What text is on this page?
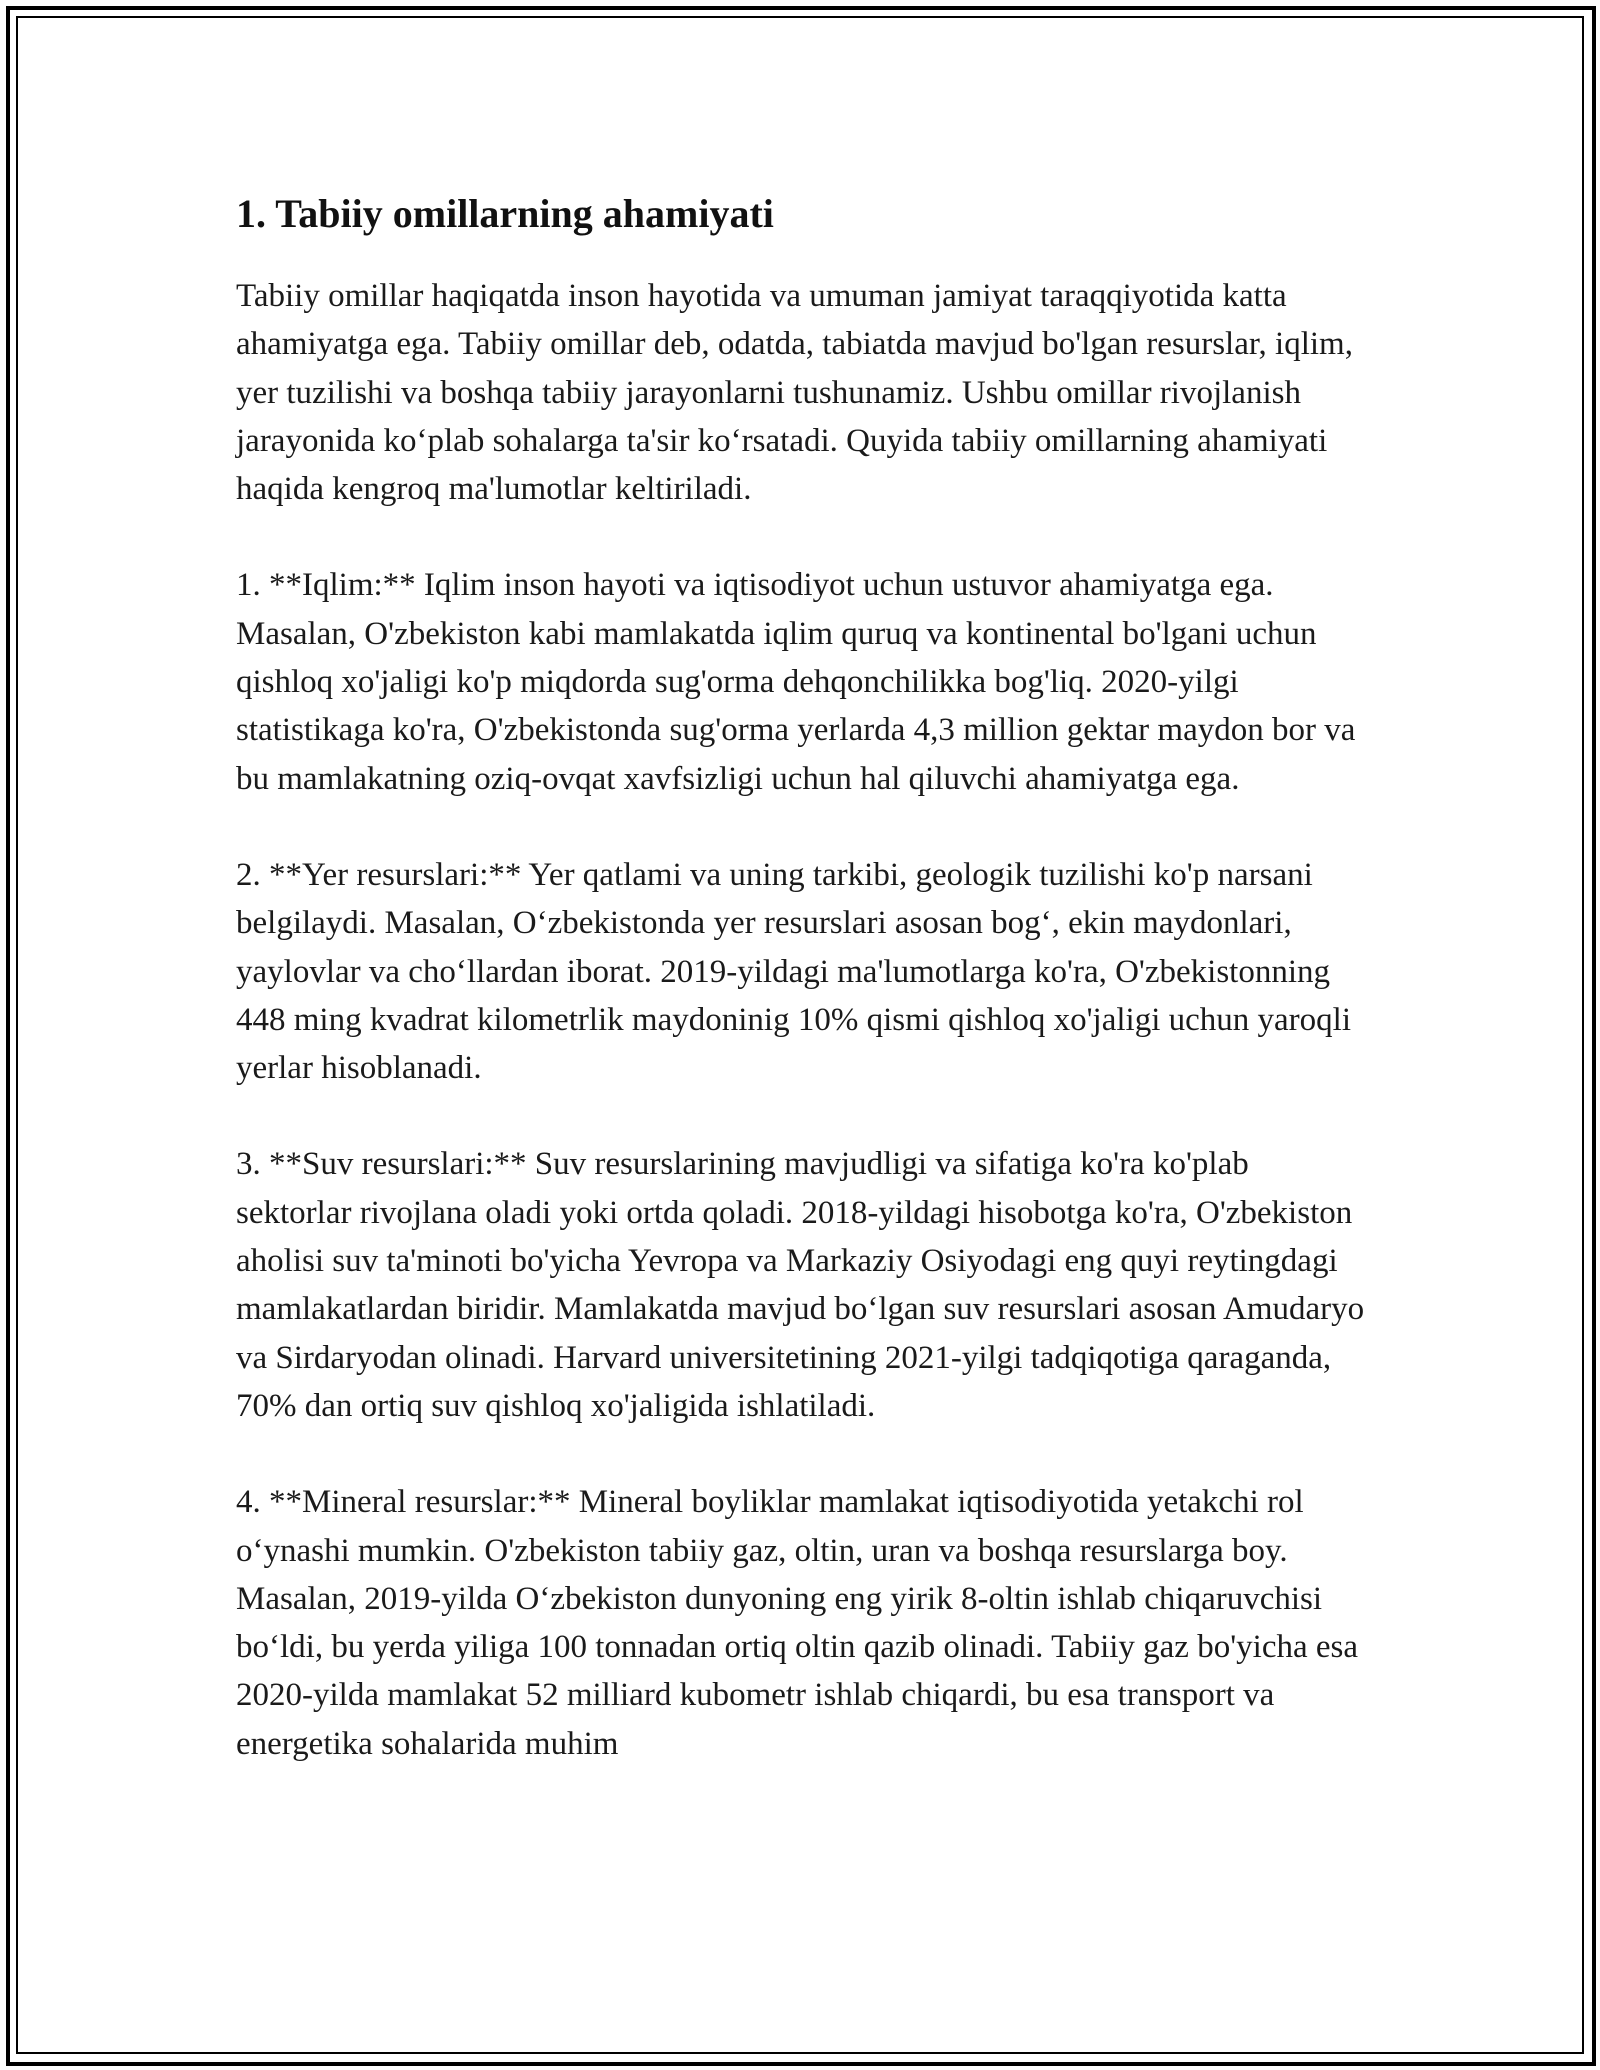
1. Tabiiy omillarning ahamiyati

Tabiiy omillar haqiqatda inson hayotida va umuman jamiyat taraqqiyotida katta ahamiyatga ega. Tabiiy omillar deb, odatda, tabiatda mavjud bo'lgan resurslar, iqlim, yer tuzilishi va boshqa tabiiy jarayonlarni tushunamiz. Ushbu omillar rivojlanish jarayonida ko‘plab sohalarga ta'sir ko‘rsatadi. Quyida tabiiy omillarning ahamiyati haqida kengroq ma'lumotlar keltiriladi.

1. **Iqlim:** Iqlim inson hayoti va iqtisodiyot uchun ustuvor ahamiyatga ega. Masalan, O'zbekiston kabi mamlakatda iqlim quruq va kontinental bo'lgani uchun qishloq xo'jaligi ko'p miqdorda sug'orma dehqonchilikka bog'liq. 2020-yilgi statistikaga ko'ra, O'zbekistonda sug'orma yerlarda 4,3 million gektar maydon bor va bu mamlakatning oziq-ovqat xavfsizligi uchun hal qiluvchi ahamiyatga ega.

2. **Yer resurslari:** Yer qatlami va uning tarkibi, geologik tuzilishi ko'p narsani belgilaydi. Masalan, O‘zbekistonda yer resurslari asosan bog‘, ekin maydonlari, yaylovlar va cho‘llardan iborat. 2019-yildagi ma'lumotlarga ko'ra, O'zbekistonning 448 ming kvadrat kilometrlik maydoninig 10% qismi qishloq xo'jaligi uchun yaroqli yerlar hisoblanadi.

3. **Suv resurslari:** Suv resurslarining mavjudligi va sifatiga ko'ra ko'plab sektorlar rivojlana oladi yoki ortda qoladi. 2018-yildagi hisobotga ko'ra, O'zbekiston aholisi suv ta'minoti bo'yicha Yevropa va Markaziy Osiyodagi eng quyi reytingdagi mamlakatlardan biridir. Mamlakatda mavjud bo‘lgan suv resurslari asosan Amudaryo va Sirdaryodan olinadi. Harvard universitetining 2021-yilgi tadqiqotiga qaraganda, 70% dan ortiq suv qishloq xo'jaligida ishlatiladi.

4. **Mineral resurslar:** Mineral boyliklar mamlakat iqtisodiyotida yetakchi rol o‘ynashi mumkin. O'zbekiston tabiiy gaz, oltin, uran va boshqa resurslarga boy. Masalan, 2019-yilda O‘zbekiston dunyoning eng yirik 8-oltin ishlab chiqaruvchisi bo‘ldi, bu yerda yiliga 100 tonnadan ortiq oltin qazib olinadi. Tabiiy gaz bo'yicha esa 2020-yilda mamlakat 52 milliard kubometr ishlab chiqardi, bu esa transport va energetika sohalarida muhim
